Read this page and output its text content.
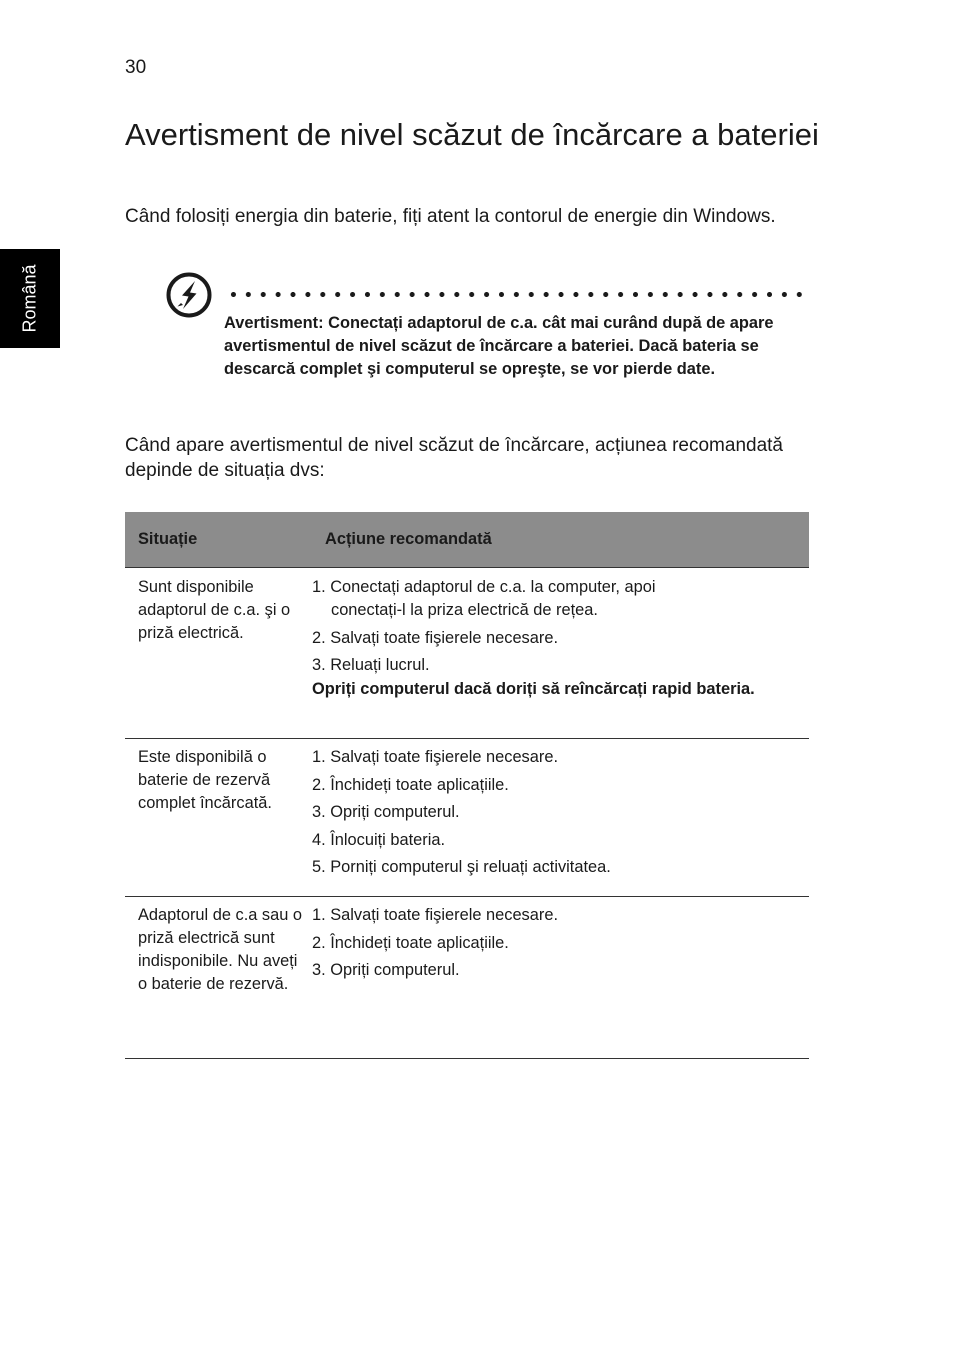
30
Română
Avertisment de nivel scăzut de încărcare a bateriei

Când folosiți energia din baterie, fiți atent la contorul de energie din Windows.

Avertisment: Conectați adaptorul de c.a. cât mai curând după de apare avertismentul de nivel scăzut de încărcare a bateriei. Dacă bateria se descarcă complet şi computerul se opreşte, se vor pierde date.

Când apare avertismentul de nivel scăzut de încărcare, acțiunea recomandată depinde de situația dvs:

Situație	Acțiune recomandată
Sunt disponibile adaptorul de c.a. şi o priză electrică.
1. Conectați adaptorul de c.a. la computer, apoi
conectați-l la priza electrică de rețea.
2. Salvați toate fişierele necesare.
3. Reluați lucrul.
Opriți computerul dacă doriți să reîncărcați rapid bateria.
Este disponibilă o baterie de rezervă complet încărcată.
1. Salvați toate fişierele necesare.
2. Închideți toate aplicațiile.
3. Opriți computerul.
4. Înlocuiți bateria.
5. Porniți computerul şi reluați activitatea.
Adaptorul de c.a sau o priză electrică sunt indisponibile. Nu aveți o baterie de rezervă.
1. Salvați toate fişierele necesare.
2. Închideți toate aplicațiile.
3. Opriți computerul.
